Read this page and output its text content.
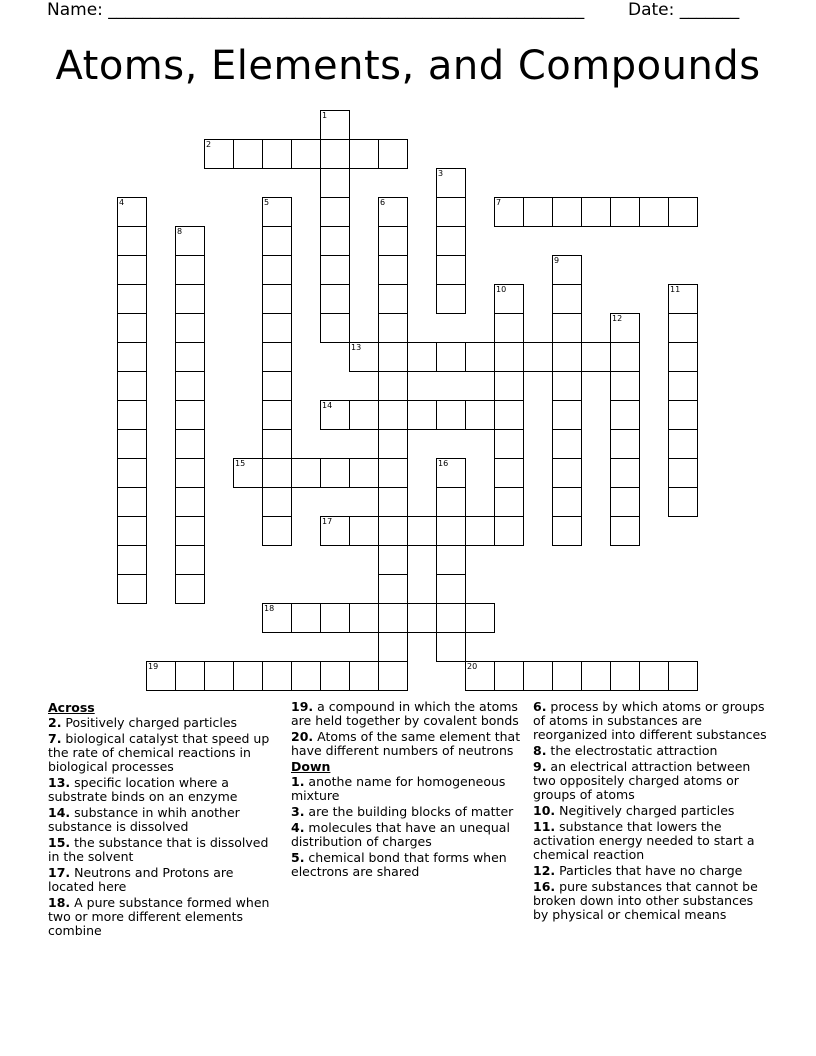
Name: ________________________________________________________	Date: _______
Atoms, Elements, and Compounds
1
2
3
4	5	6	7
8
9
10	11
12
13
14
15	16
17
18
19	20
Across
2. Positively charged particles
7. biological catalyst that speed up the rate of chemical reactions in biological processes
13. specific location where a substrate binds on an enzyme
14. substance in whih another substance is dissolved
15. the substance that is dissolved in the solvent
17. Neutrons and Protons are located here
18. A pure substance formed when two or more different elements combine
19. a compound in which the atoms are held together by covalent bonds
20. Atoms of the same element that have different numbers of neutrons
Down
1. anothe name for homogeneous mixture
3. are the building blocks of matter
4. molecules that have an unequal distribution of charges
5. chemical bond that forms when electrons are shared
6. process by which atoms or groups of atoms in substances are reorganized into different substances
8. the electrostatic attraction
9. an electrical attraction between two oppositely charged atoms or groups of atoms
10. Negitively charged particles
11. substance that lowers the activation energy needed to start a chemical reaction
12. Particles that have no charge
16. pure substances that cannot be broken down into other substances by physical or chemical means
